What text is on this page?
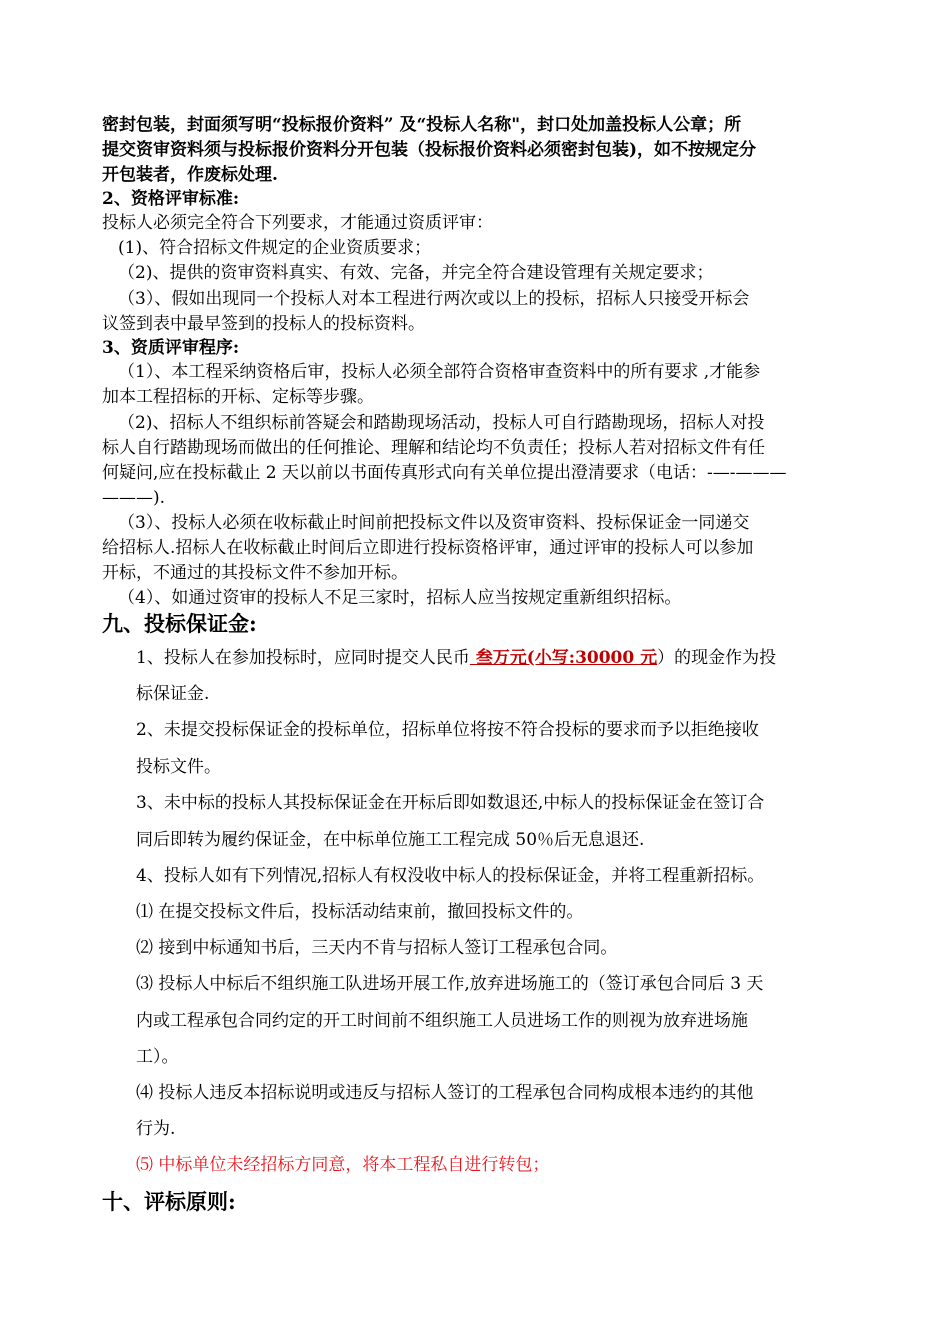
密封包装，封面须写明“投标报价资料” 及“投标人名称"，封口处加盖投标人公章；所
提交资审资料须与投标报价资料分开包装（投标报价资料必须密封包装)，如不按规定分
开包装者，作废标处理.
2、资格评审标准:
投标人必须完全符合下列要求，才能通过资质评审：
(1)、符合招标文件规定的企业资质要求；
（2)、提供的资审资料真实、有效、完备，并完全符合建设管理有关规定要求；
（3）、假如出现同一个投标人对本工程进行两次或以上的投标，招标人只接受开标会
议签到表中最早签到的投标人的投标资料。
3、资质评审程序:
（1）、本工程采纳资格后审，投标人必须全部符合资格审查资料中的所有要求 ,才能参
加本工程招标的开标、定标等步骤。
（2)、招标人不组织标前答疑会和踏勘现场活动，投标人可自行踏勘现场，招标人对投
标人自行踏勘现场而做出的任何推论、理解和结论均不负责任；投标人若对招标文件有任
何疑问,应在投标截止 2 天以前以书面传真形式向有关单位提出澄清要求（电话：-—-———
———).
（3）、投标人必须在收标截止时间前把投标文件以及资审资料、投标保证金一同递交
给招标人.招标人在收标截止时间后立即进行投标资格评审，通过评审的投标人可以参加
开标，不通过的其投标文件不参加开标。
（4）、如通过资审的投标人不足三家时，招标人应当按规定重新组织招标。
九、投标保证金:
1、投标人在参加投标时，应同时提交人民币 叁万元(小写:30000 元）的现金作为投
标保证金.
2、未提交投标保证金的投标单位，招标单位将按不符合投标的要求而予以拒绝接收
投标文件。
3、未中标的投标人其投标保证金在开标后即如数退还,中标人的投标保证金在签订合
同后即转为履约保证金，在中标单位施工工程完成 50％后无息退还.
4、投标人如有下列情况,招标人有权没收中标人的投标保证金，并将工程重新招标。
⑴ 在提交投标文件后，投标活动结束前，撤回投标文件的。
⑵ 接到中标通知书后，三天内不肯与招标人签订工程承包合同。
⑶ 投标人中标后不组织施工队进场开展工作,放弃进场施工的（签订承包合同后 3 天
内或工程承包合同约定的开工时间前不组织施工人员进场工作的则视为放弃进场施
工）。
⑷ 投标人违反本招标说明或违反与招标人签订的工程承包合同构成根本违约的其他
行为.
⑸ 中标单位未经招标方同意，将本工程私自进行转包；
十、评标原则:
